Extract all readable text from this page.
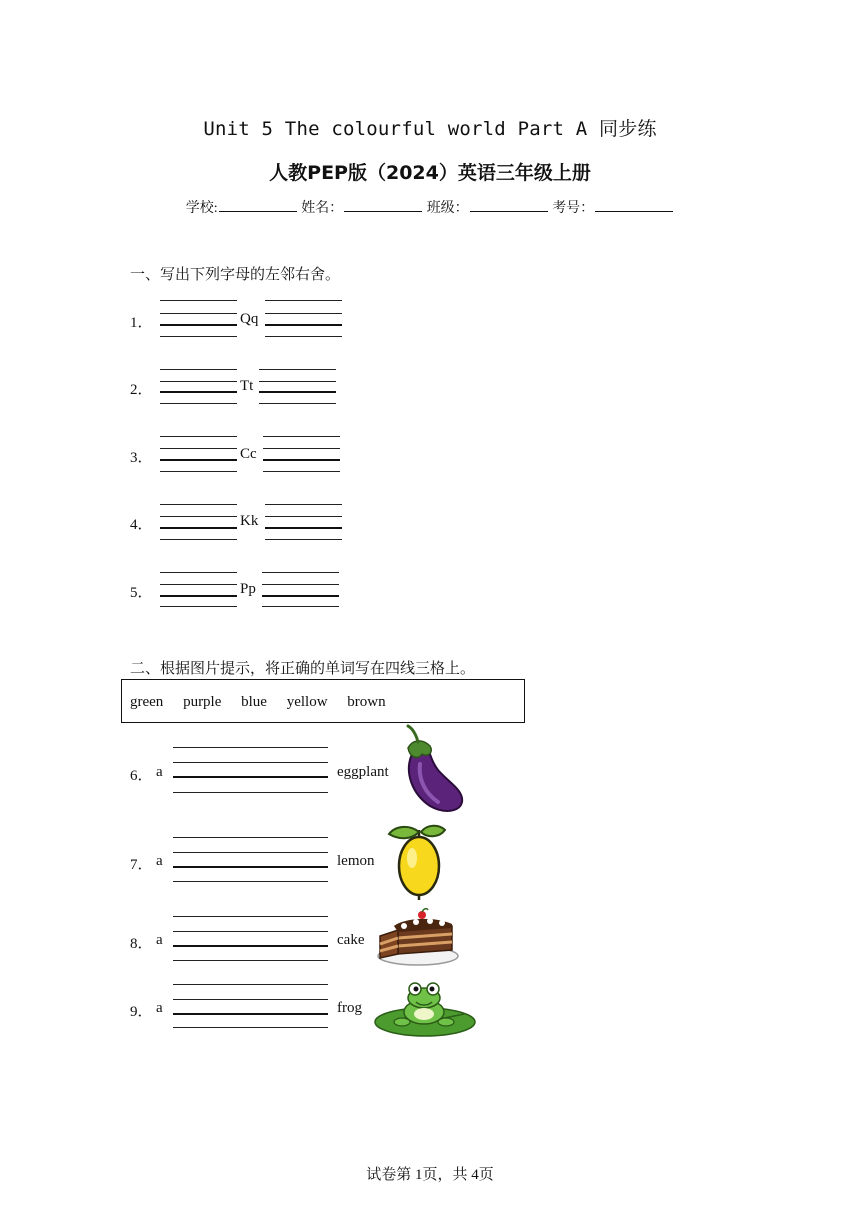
Unit 5 The colourful world Part A 同步练
人教PEP版（2024）英语三年级上册
学校:	姓名：	班级：	考号：
一、写出下列字母的左邻右舍。
1．	Qq
2．	Tt
3．	Cc
4．	Kk
5．	Pp
二、根据图片提示，将正确的单词写在四线三格上。
green purple blue yellow brown
6． a	eggplant
7． a	lemon
8． a	cake
9． a	frog
试卷第 1页，共 4页
